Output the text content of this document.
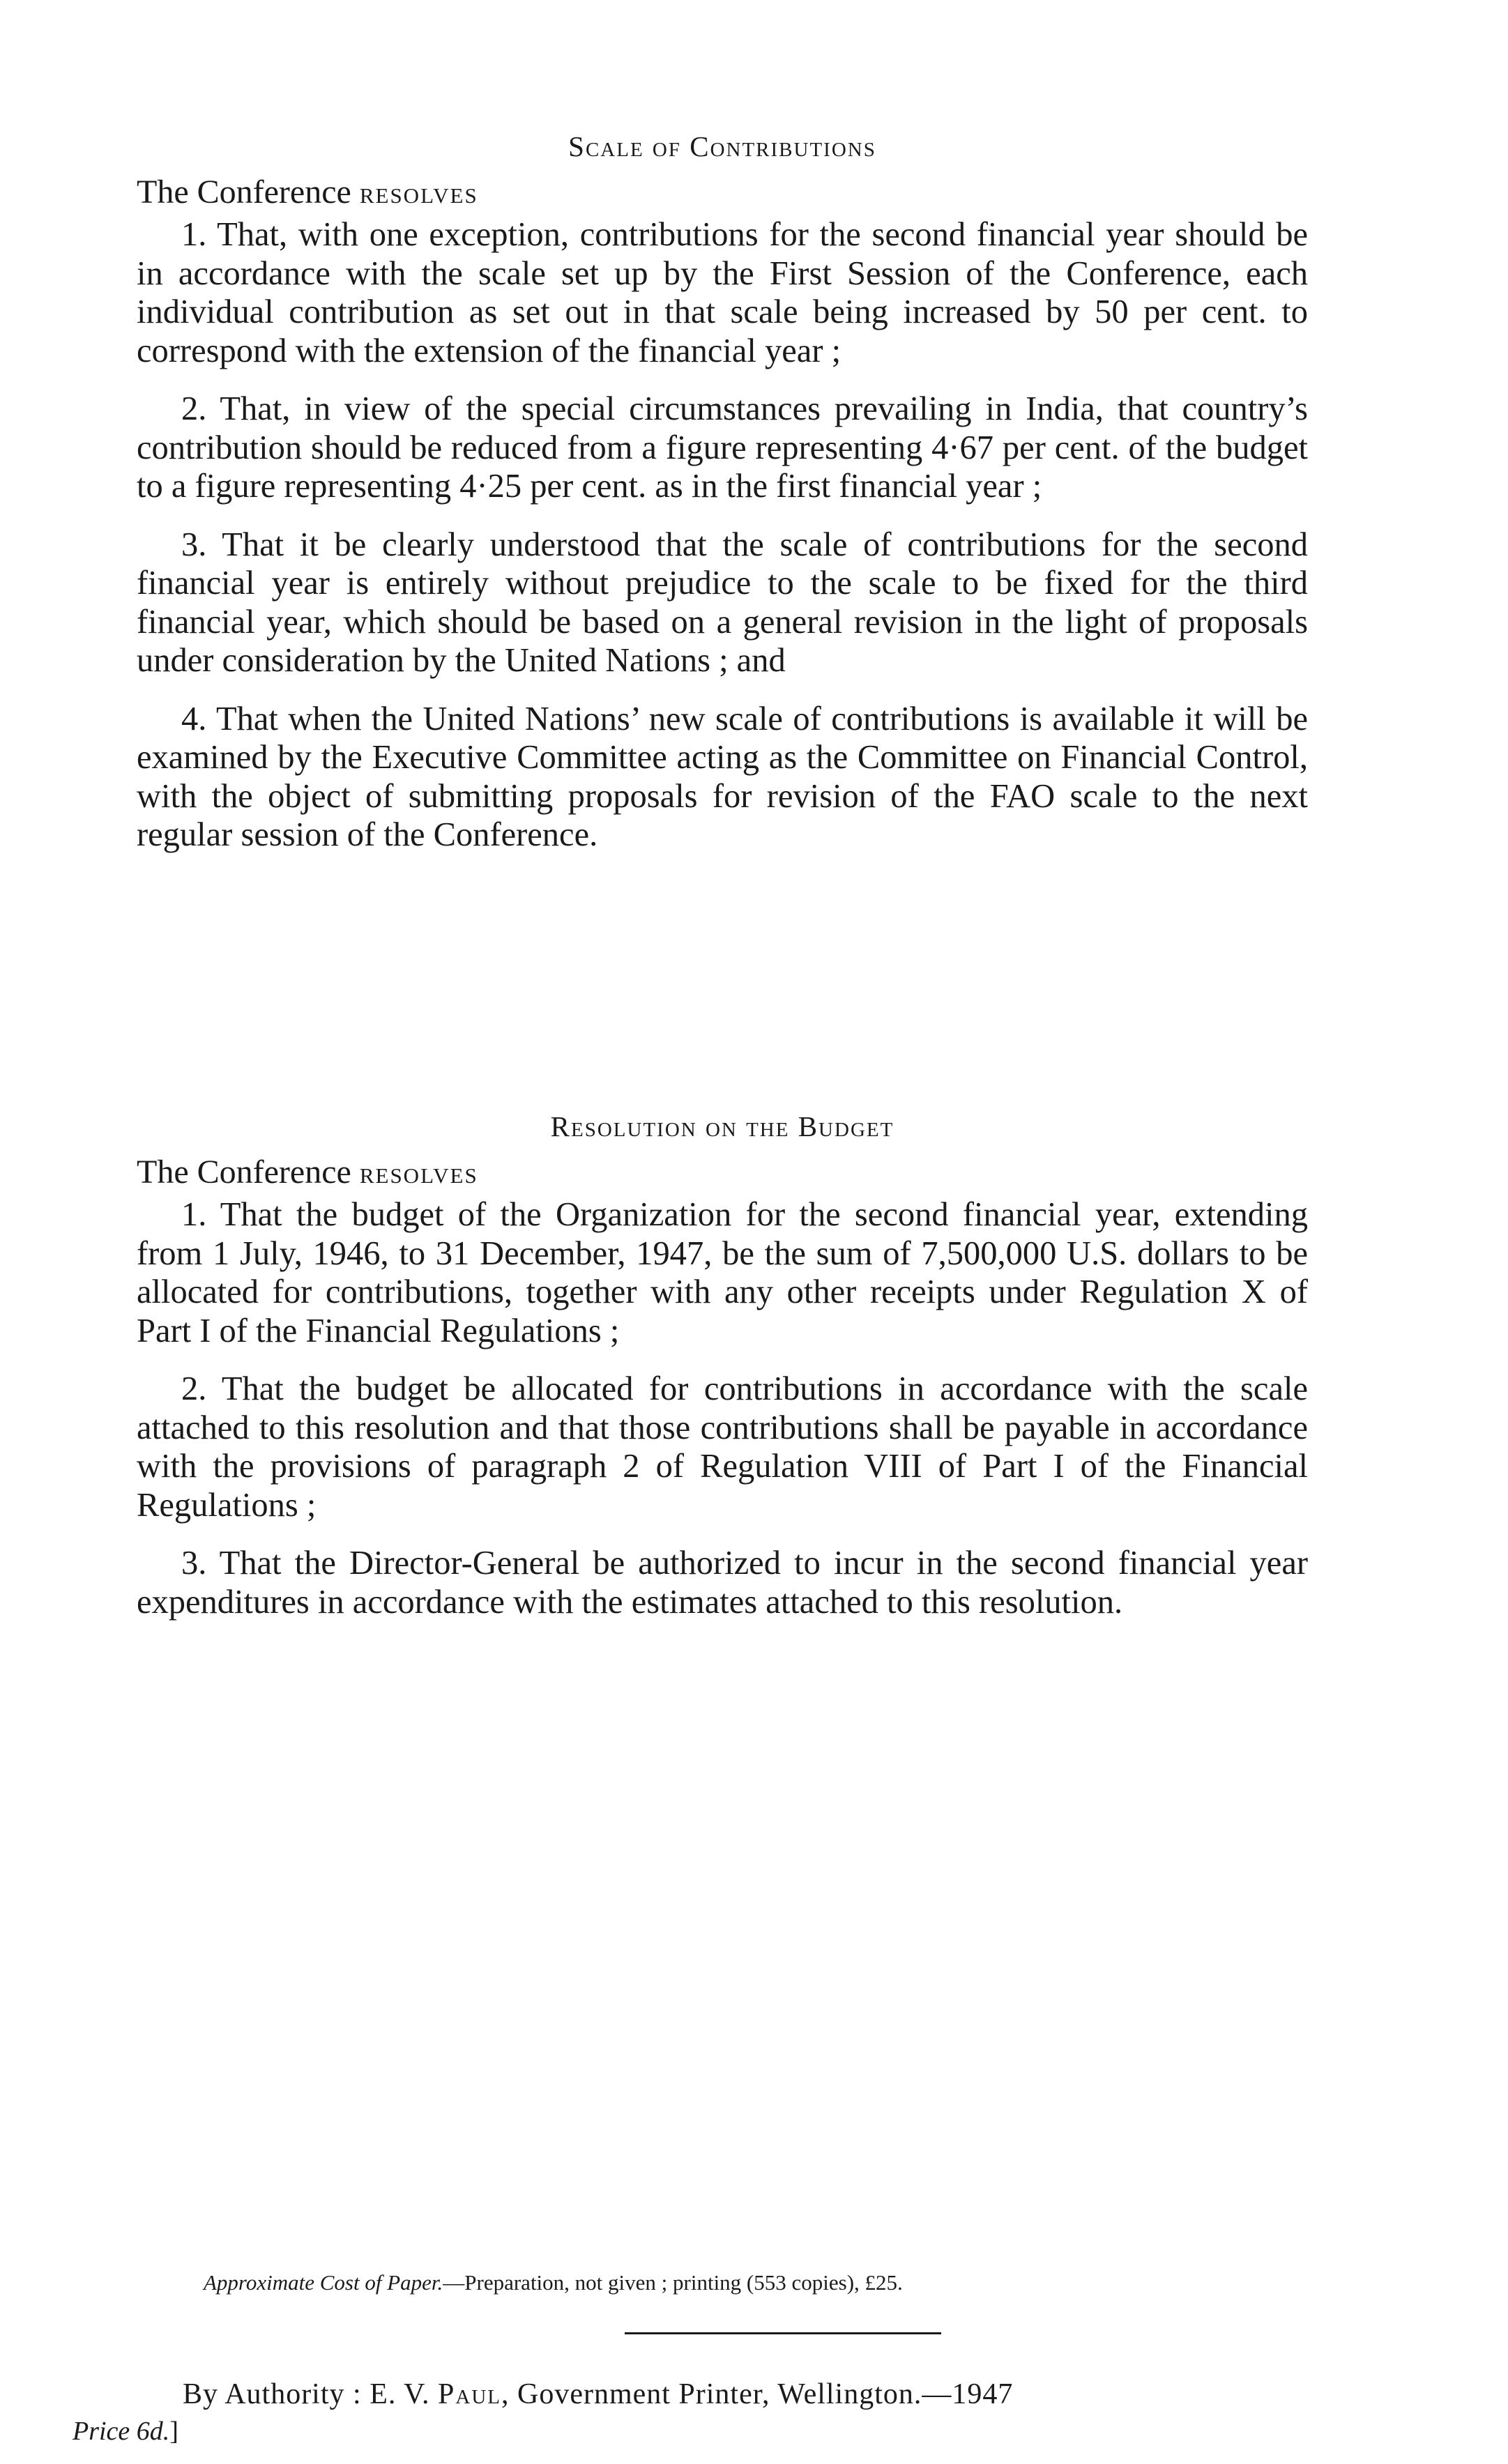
Scale of Contributions
The Conference resolves

1. That, with one exception, contributions for the second financial year should be in accordance with the scale set up by the First Session of the Conference, each individual contribution as set out in that scale being increased by 50 per cent. to correspond with the extension of the financial year ;

2. That, in view of the special circumstances prevailing in India, that country’s contribution should be reduced from a figure representing 4·67 per cent. of the budget to a figure representing 4·25 per cent. as in the first financial year ;

3. That it be clearly understood that the scale of contributions for the second financial year is entirely without prejudice to the scale to be fixed for the third financial year, which should be based on a general revision in the light of proposals under consideration by the United Nations ; and

4. That when the United Nations’ new scale of contributions is available it will be examined by the Executive Committee acting as the Committee on Financial Control, with the object of submitting proposals for revision of the FAO scale to the next regular session of the Conference.

Resolution on the Budget
The Conference resolves

1. That the budget of the Organization for the second financial year, extending from 1 July, 1946, to 31 December, 1947, be the sum of 7,500,000 U.S. dollars to be allocated for contributions, together with any other receipts under Regulation X of Part I of the Financial Regulations ;

2. That the budget be allocated for contributions in accordance with the scale attached to this resolution and that those contributions shall be payable in accordance with the provisions of paragraph 2 of Regulation VIII of Part I of the Financial Regulations ;

3. That the Director-General be authorized to incur in the second financial year expenditures in accordance with the estimates attached to this resolution.

Approximate Cost of Paper.—Preparation, not given ; printing (553 copies), £25.
By Authority : E. V. Paul, Government Printer, Wellington.—1947
Price 6d.]
